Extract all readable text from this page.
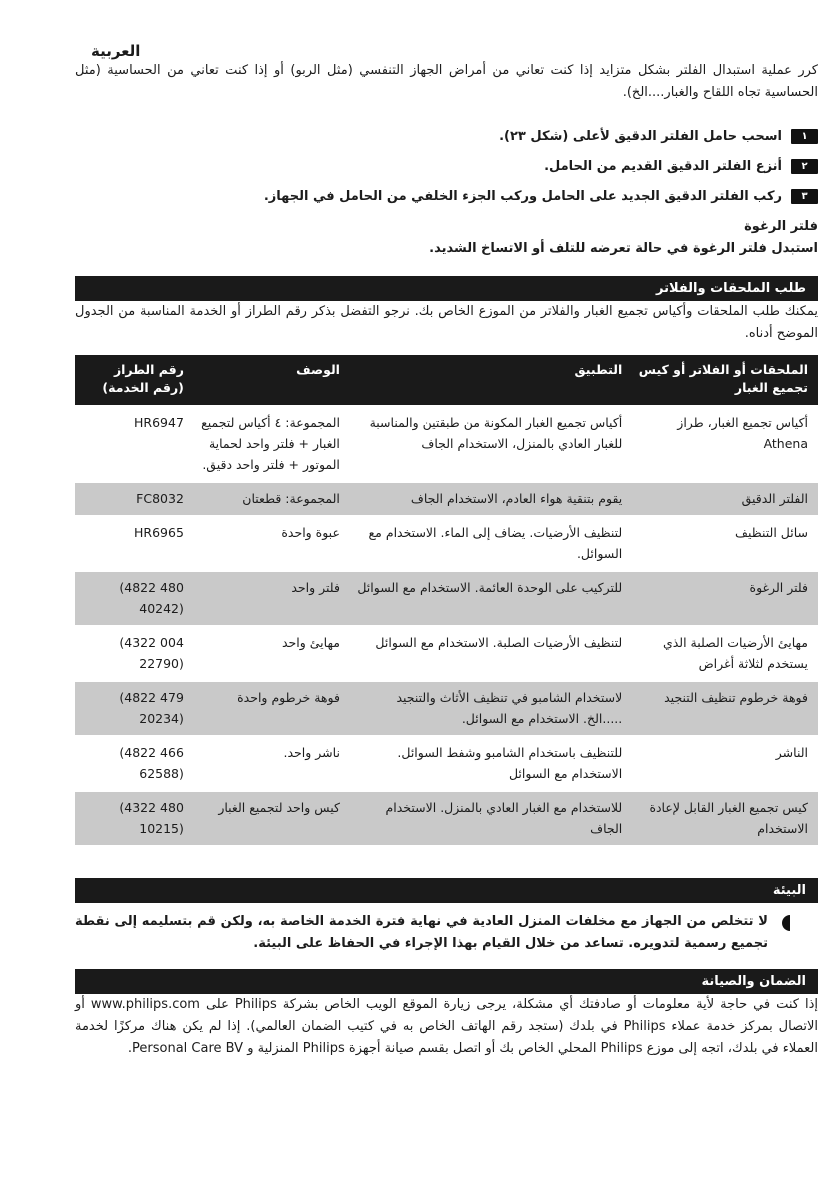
العربية

كرر عملية استبدال الفلتر بشكل متزايد إذا كنت تعاني من أمراض الجهاز التنفسي (مثل الربو) أو إذا كنت تعاني من الحساسية (مثل الحساسية تجاه اللقاح والغبار....الخ).

١
اسحب حامل الفلتر الدقيق لأعلى (شكل ٢٣).
٢
أنزع الفلتر الدقيق القديم من الحامل.
٣
ركب الفلتر الدقيق الجديد على الحامل وركب الجزء الخلفي من الحامل في الجهاز.
فلتر الرغوة

استبدل فلتر الرغوة في حالة تعرضه للتلف أو الاتساخ الشديد.

طلب الملحقات والفلاتر

يمكنك طلب الملحقات وأكياس تجميع الغبار والفلاتر من الموزع الخاص بك. نرجو التفضل بذكر رقم الطراز أو الخدمة المناسبة من الجدول الموضح أدناه.

الملحقات أو الفلاتر أو كيس تجميع الغبار	التطبيق	الوصف	رقم الطراز (رقم الخدمة)
أكياس تجميع الغبار، طراز Athena	أكياس تجميع الغبار المكونة من طبقتين والمناسبة للغبار العادي بالمنزل، الاستخدام الجاف	المجموعة: ٤ أكياس لتجميع الغبار + فلتر واحد لحماية الموتور + فلتر واحد دقيق.	HR6947
الفلتر الدقيق	يقوم بتنقية هواء العادم، الاستخدام الجاف	المجموعة: قطعتان	FC8032
سائل التنظيف	لتنظيف الأرضيات. يضاف إلى الماء. الاستخدام مع السوائل.	عبوة واحدة	HR6965
فلتر الرغوة	للتركيب على الوحدة العائمة. الاستخدام مع السوائل	فلتر واحد	(4822 480 40242)
مهايئ الأرضيات الصلبة الذي يستخدم لثلاثة أغراض	لتنظيف الأرضيات الصلبة. الاستخدام مع السوائل	مهايئ واحد	(4322 004 22790)
فوهة خرطوم تنظيف التنجيد	لاستخدام الشامبو في تنظيف الأثاث والتنجيد .....الخ. الاستخدام مع السوائل.	فوهة خرطوم واحدة	(4822 479 20234)
الناشر	للتنظيف باستخدام الشامبو وشفط السوائل. الاستخدام مع السوائل	ناشر واحد.	(4822 466 62588)
كيس تجميع الغبار القابل لإعادة الاستخدام	للاستخدام مع الغبار العادي بالمنزل. الاستخدام الجاف	كيس واحد لتجميع الغبار	(4322 480 10215)
البيئة

لا تتخلص من الجهاز مع مخلفات المنزل العادية في نهاية فترة الخدمة الخاصة به، ولكن قم بتسليمه إلى نقطة تجميع رسمية لتدويره. تساعد من خلال القيام بهذا الإجراء في الحفاظ على البيئة.

الضمان والصيانة

إذا كنت في حاجة لأية معلومات أو صادفتك أي مشكلة، يرجى زيارة الموقع الويب الخاص بشركة Philips على www.philips.com أو الاتصال بمركز خدمة عملاء Philips في بلدك (ستجد رقم الهاتف الخاص به في كتيب الضمان العالمي). إذا لم يكن هناك مركزًا لخدمة العملاء في بلدك، اتجه إلى موزع Philips المحلي الخاص بك أو اتصل بقسم صيانة أجهزة Philips المنزلية و Personal Care BV.
